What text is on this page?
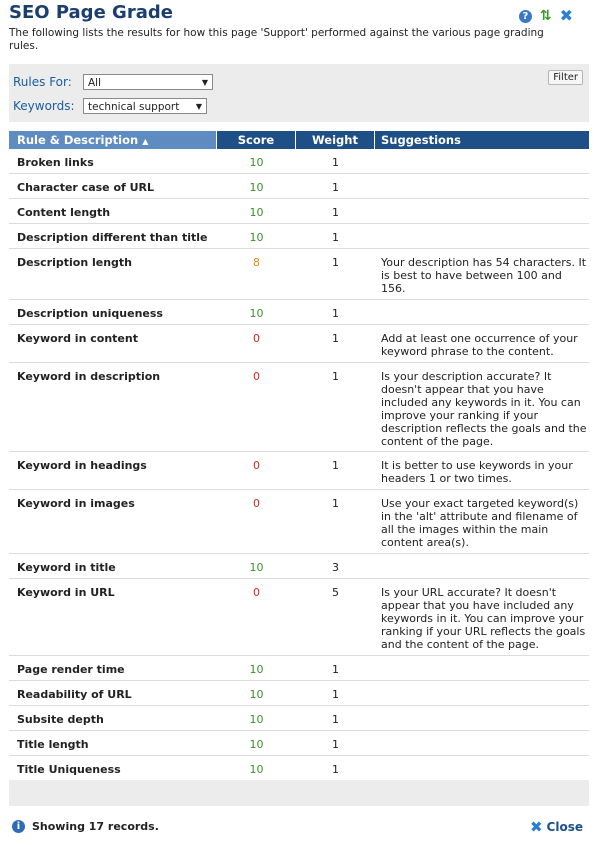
SEO Page Grade
The following lists the results for how this page 'Support' performed against the various page grading rules.
? ⇅ ✖
Rules For:	All	▼
Keywords:	technical support ▼
Filter
Rule & Description ▲	Score	Weight	Suggestions
Broken links	10	1
Character case of URL	10	1
Content length	10	1
Description different than title	10	1
Description length	8	1	Your description has 54 characters. It is best to have between 100 and 156.
Description uniqueness	10	1
Keyword in content	0	1	Add at least one occurrence of your keyword phrase to the content.
Keyword in description	0	1	Is your description accurate? It doesn't appear that you have included any keywords in it. You can improve your ranking if your description reflects the goals and the content of the page.
Keyword in headings	0	1	It is better to use keywords in your headers 1 or two times.
Keyword in images	0	1	Use your exact targeted keyword(s) in the 'alt' attribute and filename of all the images within the main content area(s).
Keyword in title	10	3
Keyword in URL	0	5	Is your URL accurate? It doesn't appear that you have included any keywords in it. You can improve your ranking if your URL reflects the goals and the content of the page.
Page render time	10	1
Readability of URL	10	1
Subsite depth	10	1
Title length	10	1
Title Uniqueness	10	1
i	Showing 17 records.	✖ Close
